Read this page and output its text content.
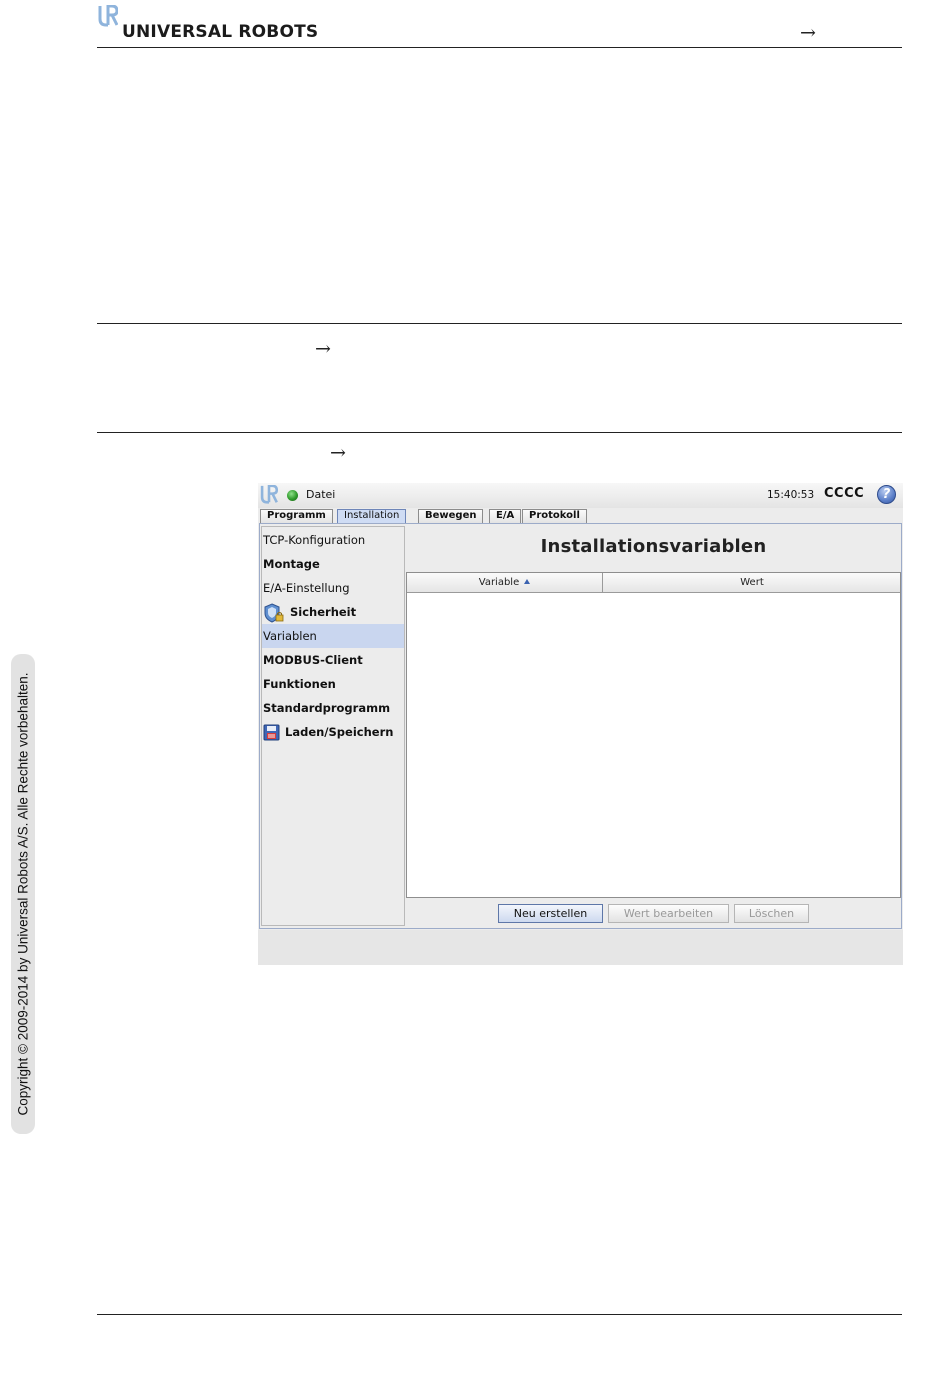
UNIVERSAL ROBOTS	→
→
→
Copyright © 2009-2014 by Universal Robots A/S. Alle Rechte vorbehalten.
Datei	15:40:53 CCCC	?
Programm	Installation	Bewegen	E/A	Protokoll
TCP-Konfiguration
Montage
E/A-Einstellung
Sicherheit
Variablen
MODBUS-Client
Funktionen
Standardprogramm
Laden/Speichern
Installationsvariablen
Variable	Wert
Neu erstellen	Wert bearbeiten	Löschen
